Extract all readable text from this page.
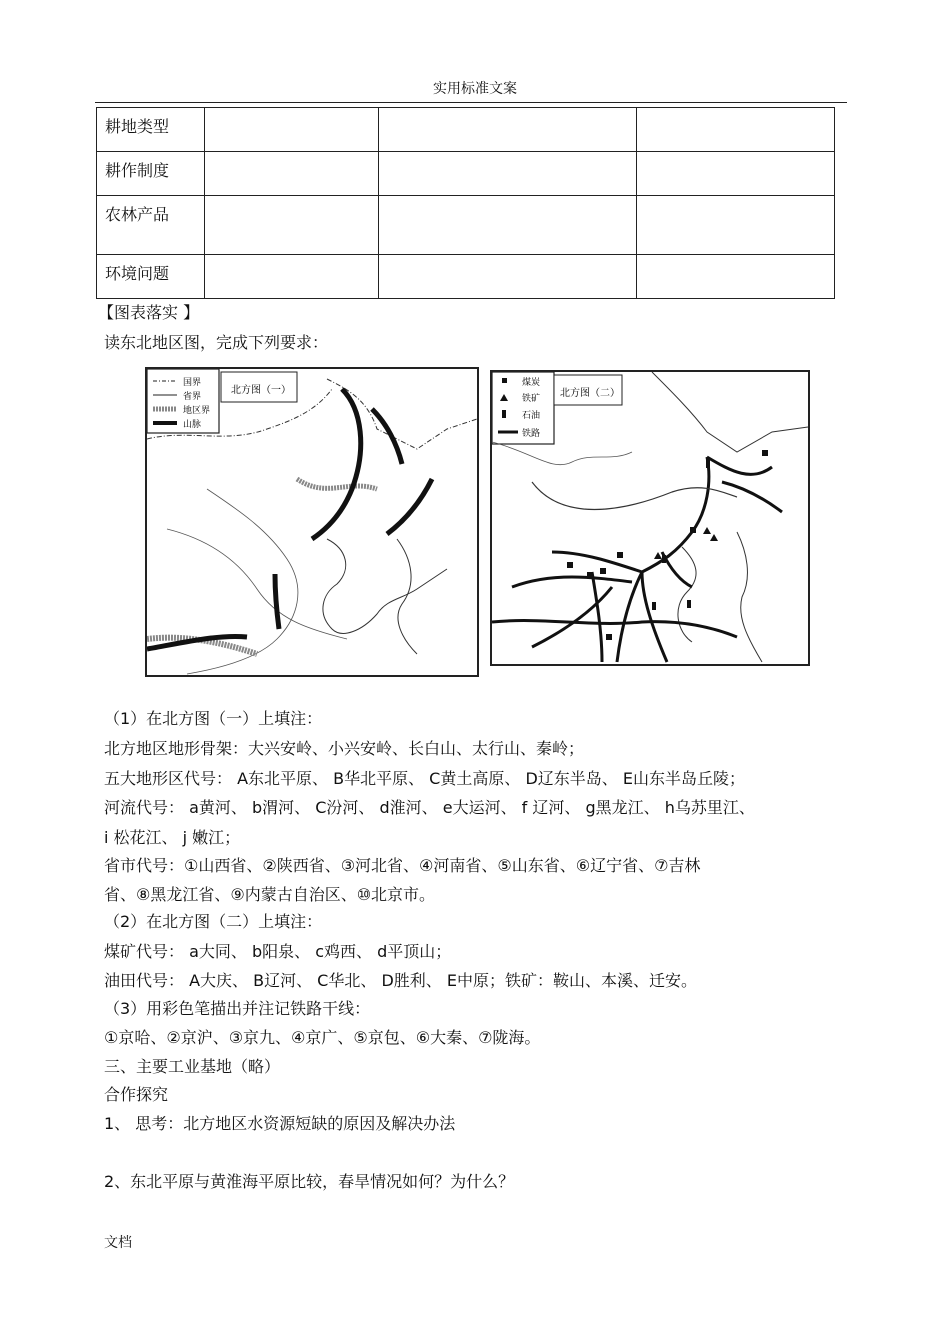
实用标准文案
耕地类型			
耕作制度			
农林产品			
环境问题			
【图表落实 】
读东北地区图，完成下列要求：
国界
省界
地区界
山脉
北方图（一）
煤炭
铁矿
石油
铁路
北方图（二）
（1）在北方图（一）上填注：
北方地区地形骨架：大兴安岭、小兴安岭、长白山、太行山、秦岭；
五大地形区代号： A东北平原、 B华北平原、 C黄土高原、 D辽东半岛、 E山东半岛丘陵；
河流代号： a黄河、 b渭河、 C汾河、 d淮河、 e大运河、 f 辽河、 g黑龙江、 h乌苏里江、
i 松花江、 j 嫩江；
省市代号：①山西省、②陕西省、③河北省、④河南省、⑤山东省、⑥辽宁省、⑦吉林
省、⑧黑龙江省、⑨内蒙古自治区、⑩北京市。
（2）在北方图（二）上填注：
煤矿代号： a大同、 b阳泉、 c鸡西、 d平顶山；
油田代号： A大庆、 B辽河、 C华北、 D胜利、 E中原；铁矿：鞍山、本溪、迁安。
（3）用彩色笔描出并注记铁路干线：
①京哈、②京沪、③京九、④京广、⑤京包、⑥大秦、⑦陇海。
三、主要工业基地（略）
合作探究
1、 思考：北方地区水资源短缺的原因及解决办法
2、东北平原与黄淮海平原比较，春旱情况如何？为什么？
文档
